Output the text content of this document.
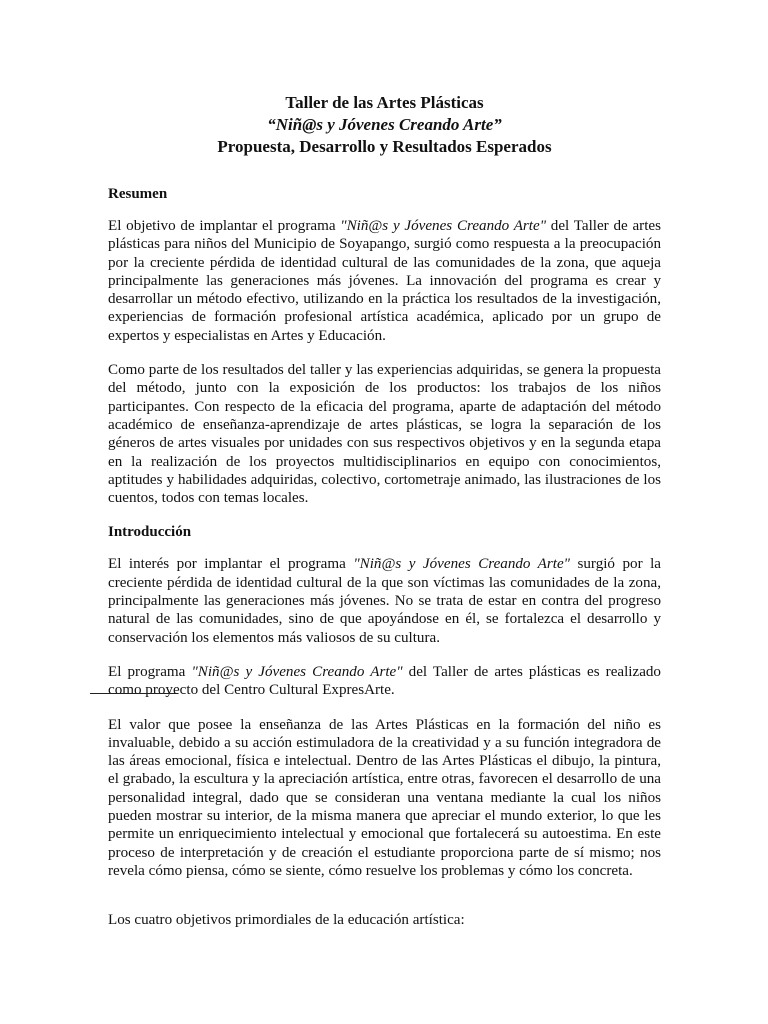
Taller de las Artes Plásticas
“Niñ@s y Jóvenes Creando Arte”
Propuesta, Desarrollo y Resultados Esperados
Resumen

El objetivo de implantar el programa "Niñ@s y Jóvenes Creando Arte" del Taller de artes plásticas para niños del Municipio de Soyapango, surgió como respuesta a la preocupación por la creciente pérdida de identidad cultural de las comunidades de la zona, que aqueja principalmente las generaciones más jóvenes. La innovación del programa es crear y desarrollar un método efectivo, utilizando en la práctica los resultados de la investigación, experiencias de formación profesional artística académica, aplicado por un grupo de expertos y especialistas en Artes y Educación.

Como parte de los resultados del taller y las experiencias adquiridas, se genera la propuesta del método, junto con la exposición de los productos: los trabajos de los niños participantes. Con respecto de la eficacia del programa, aparte de adaptación del método académico de enseñanza-aprendizaje de artes plásticas, se logra la separación de los géneros de artes visuales por unidades con sus respectivos objetivos y en la segunda etapa en la realización de los proyectos multidisciplinarios en equipo con conocimientos, aptitudes y habilidades adquiridas, colectivo, cortometraje animado, las ilustraciones de los cuentos, todos con temas locales.

Introducción

El interés por implantar el programa "Niñ@s y Jóvenes Creando Arte" surgió por la creciente pérdida de identidad cultural de la que son víctimas las comunidades de la zona, principalmente las generaciones más jóvenes. No se trata de estar en contra del progreso natural de las comunidades, sino de que apoyándose en él, se fortalezca el desarrollo y conservación los elementos más valiosos de su cultura.

El programa "Niñ@s y Jóvenes Creando Arte" del Taller de artes plásticas es realizado como proyecto del Centro Cultural ExpresArte.

El valor que posee la enseñanza de las Artes Plásticas en la formación del niño es invaluable, debido a su acción estimuladora de la creatividad y a su función integradora de las áreas emocional, física e intelectual. Dentro de las Artes Plásticas el dibujo, la pintura, el grabado, la escultura y la apreciación artística, entre otras, favorecen el desarrollo de una personalidad integral, dado que se consideran una ventana mediante la cual los niños pueden mostrar su interior, de la misma manera que apreciar el mundo exterior, lo que les permite un enriquecimiento intelectual y emocional que fortalecerá su autoestima. En este proceso de interpretación y de creación el estudiante proporciona parte de sí mismo; nos revela cómo piensa, cómo se siente, cómo resuelve los problemas y cómo los concreta.

Los cuatro objetivos primordiales de la educación artística:
